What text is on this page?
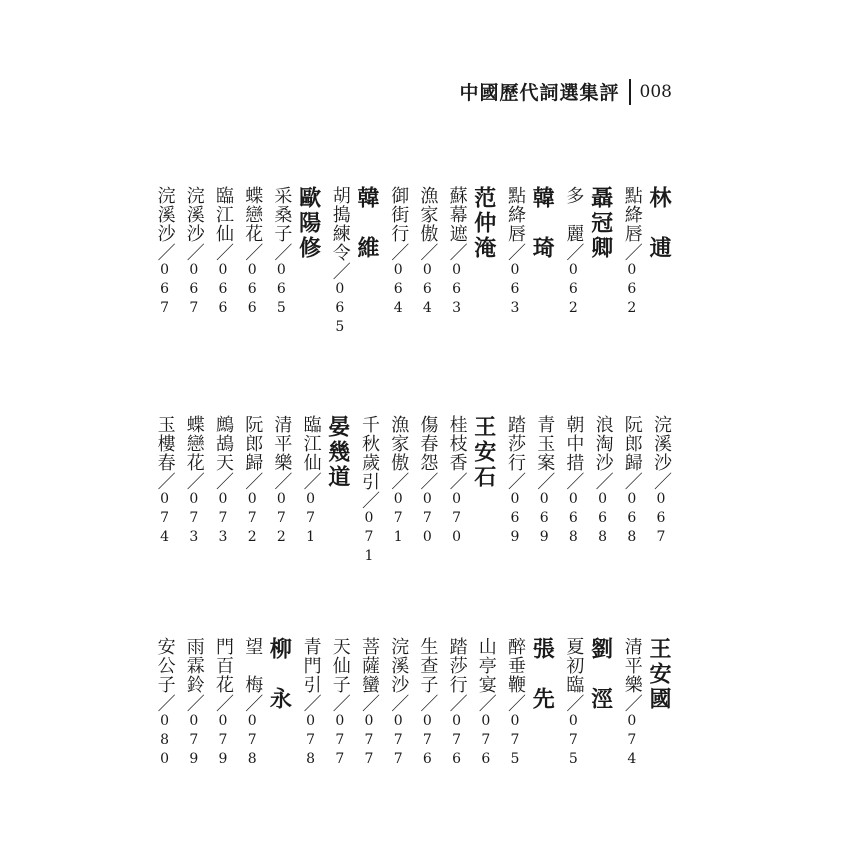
中國歷代詞選集評 008
林　逋
點絳唇／062
聶冠卿
多　麗／062
韓　琦
點絳唇／063
范仲淹
蘇幕遮／063
漁家傲／064
御街行／064
韓　維
胡搗練令／065
歐陽修
采桑子／065
蝶戀花／066
臨江仙／066
浣溪沙／067
浣溪沙／067
浣溪沙／067
阮郎歸／068
浪淘沙／068
朝中措／068
青玉案／069
踏莎行／069
王安石
桂枝香／070
傷春怨／070
漁家傲／071
千秋歲引／071
晏幾道
臨江仙／071
清平樂／072
阮郎歸／072
鷓鴣天／073
蝶戀花／073
玉樓春／074
王安國
清平樂／074
劉　涇
夏初臨／075
張　先
醉垂鞭／075
山亭宴／076
踏莎行／076
生查子／076
浣溪沙／077
菩薩蠻／077
天仙子／077
青門引／078
柳　永
望　梅／078
門百花／079
雨霖鈴／079
安公子／080
